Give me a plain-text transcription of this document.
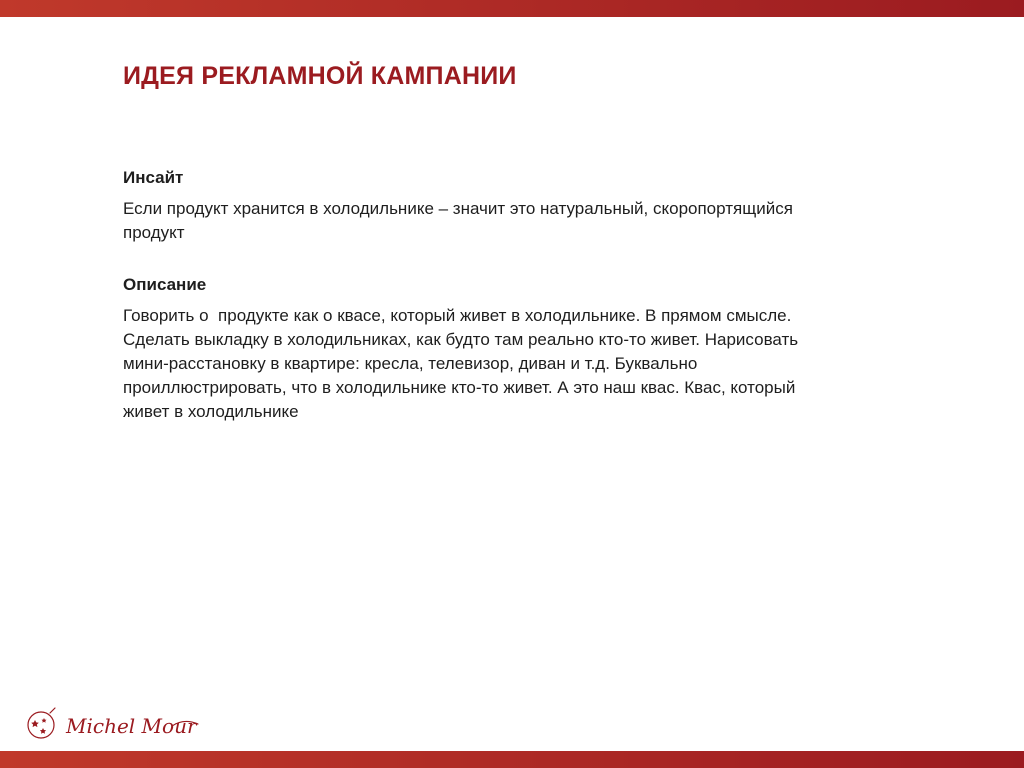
ИДЕЯ РЕКЛАМНОЙ КАМПАНИИ

Инсайт

Если продукт хранится в холодильнике – значит это натуральный, скоропортящийся
продукт

Описание

Говорить о  продукте как о квасе, который живет в холодильнике. В прямом смысле.
Сделать выкладку в холодильниках, как будто там реально кто-то живет. Нарисовать
мини-расстановку в квартире: кресла, телевизор, диван и т.д. Буквально
проиллюстрировать, что в холодильнике кто-то живет. А это наш квас. Квас, который
живет в холодильнике

Michel Mour
